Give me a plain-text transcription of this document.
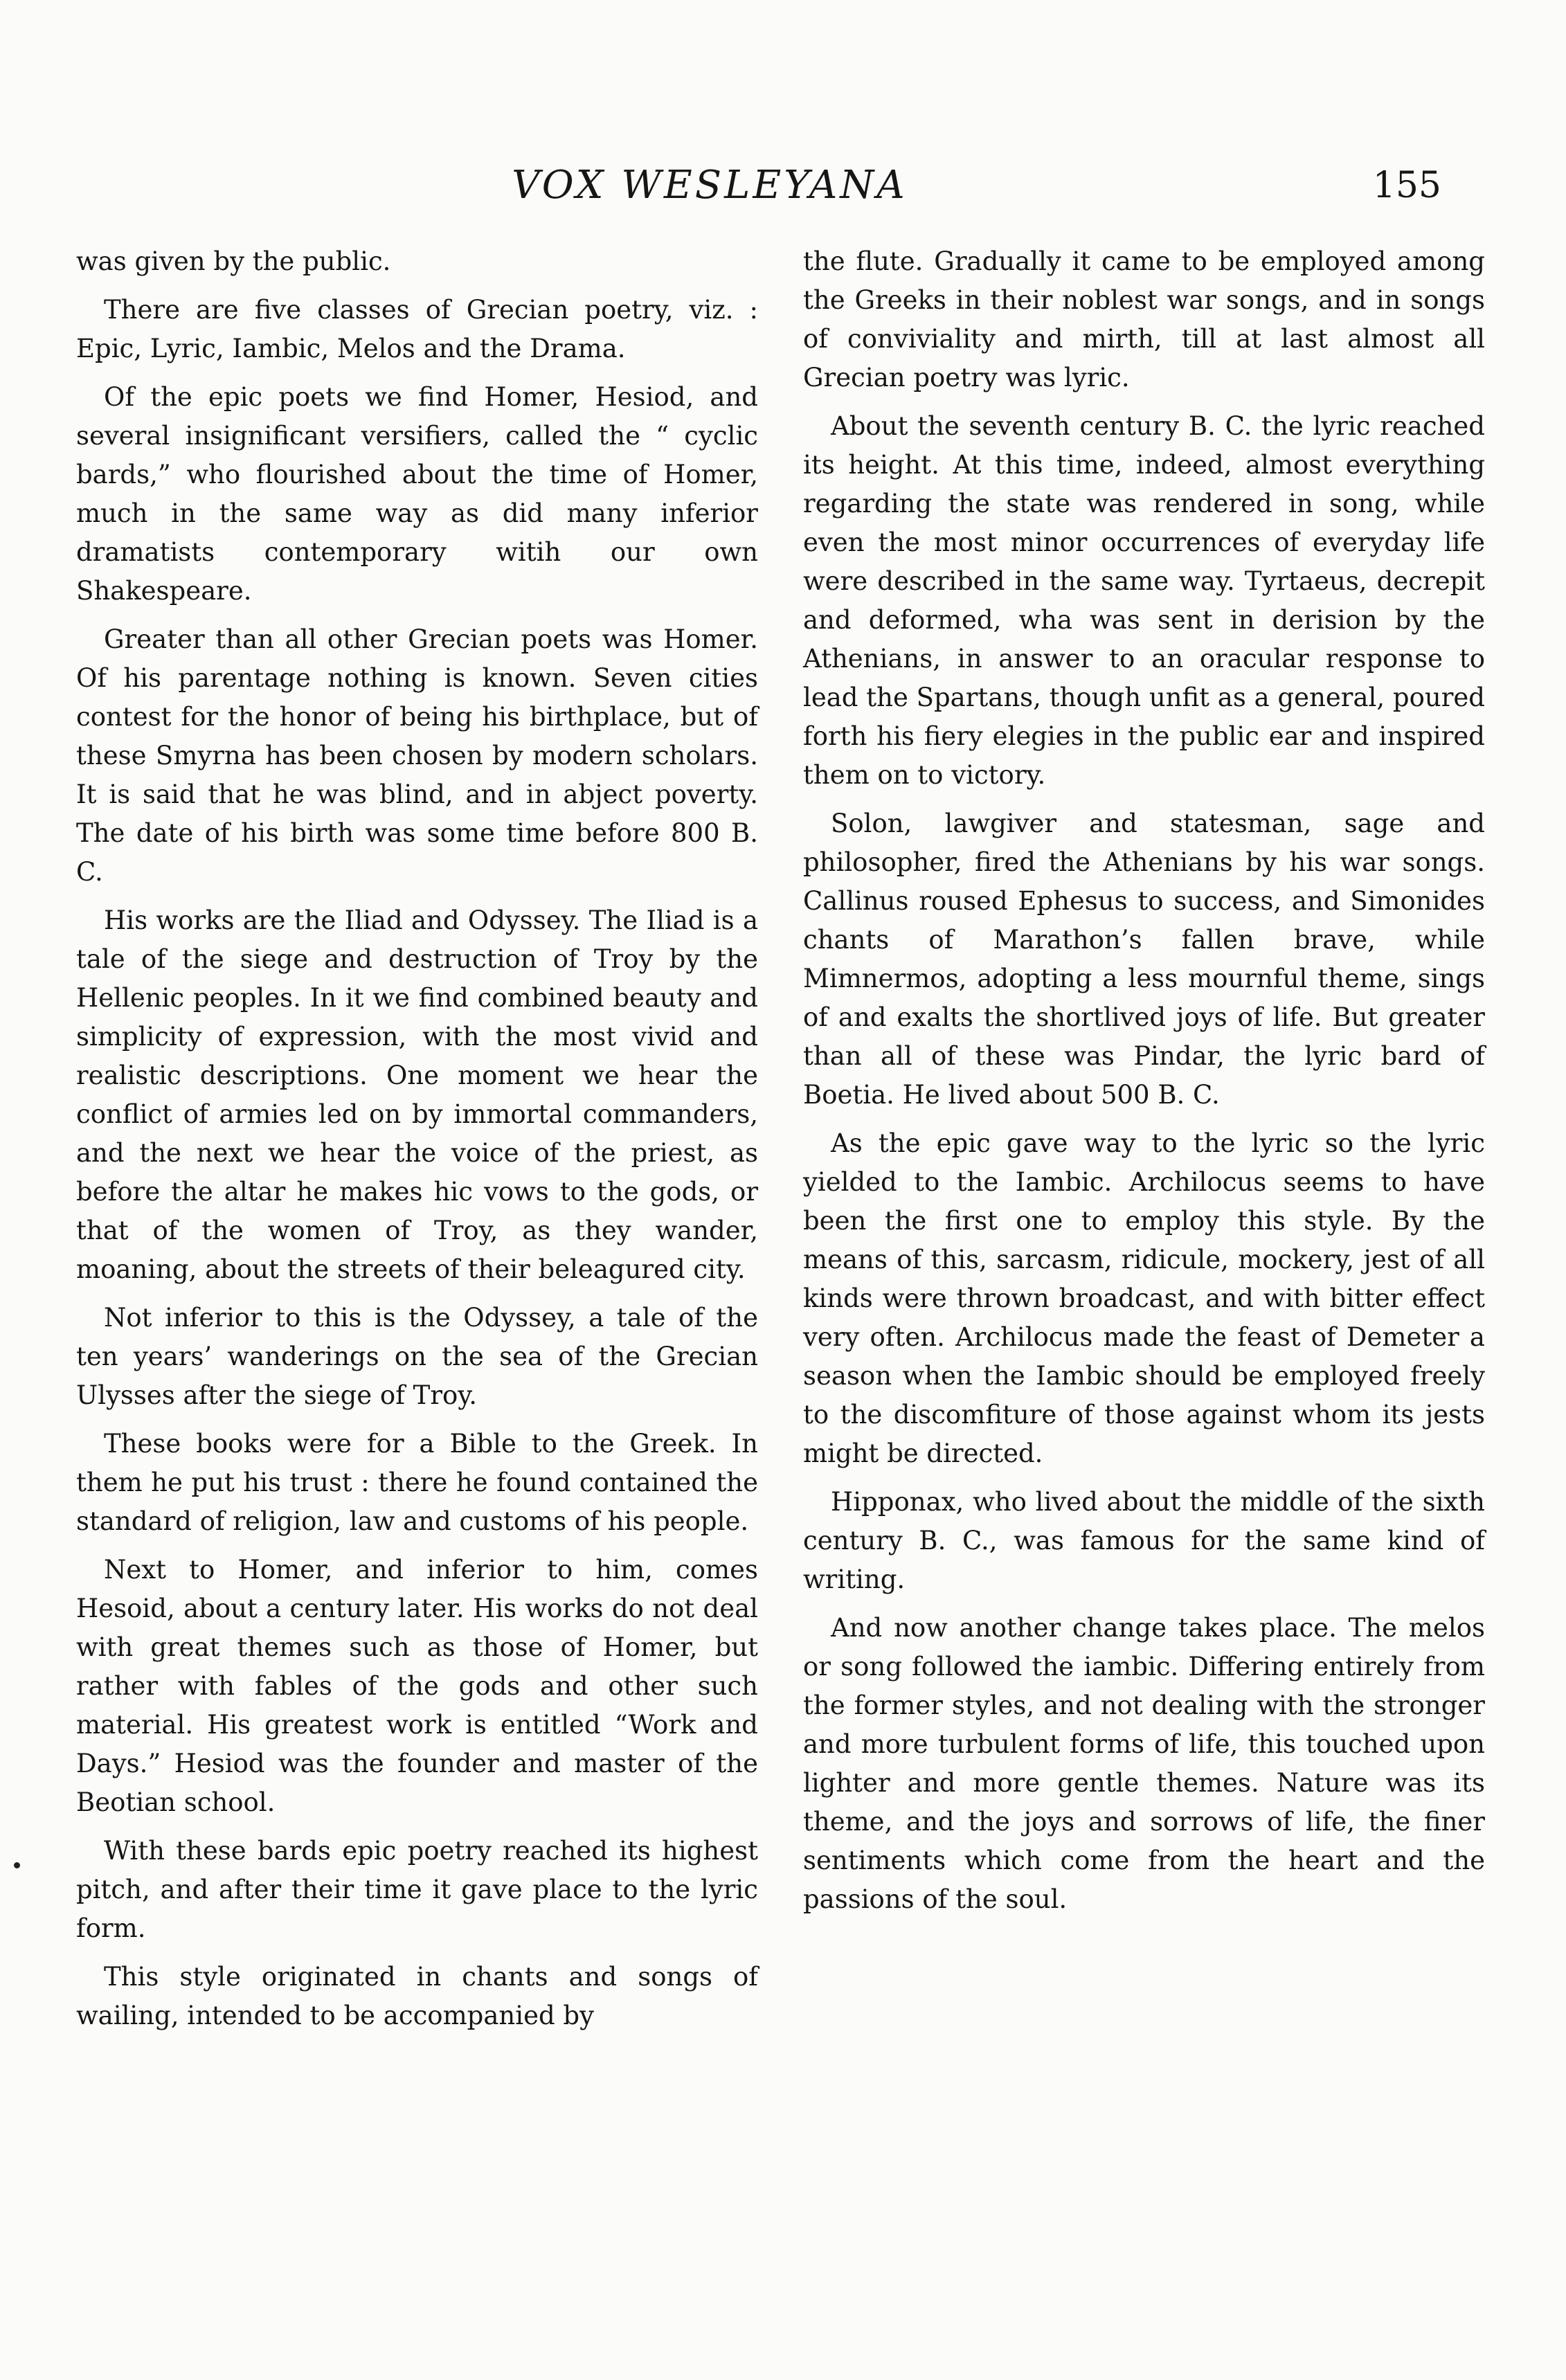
VOX WESLEYANA	155

was given by the public.

There are five classes of Grecian poetry, viz. : Epic, Lyric, Iambic, Melos and the Drama.

Of the epic poets we find Homer, Hesiod, and several insignificant versifiers, called the “ cyclic bards,” who flourished about the time of Homer, much in the same way as did many inferior dramatists contemporary witih our own Shakespeare.

Greater than all other Grecian poets was Homer. Of his parentage nothing is known. Seven cities contest for the honor of being his birthplace, but of these Smyrna has been chosen by modern scholars. It is said that he was blind, and in abject poverty. The date of his birth was some time before 800 B. C.

His works are the Iliad and Odyssey. The Iliad is a tale of the siege and destruction of Troy by the Hellenic peoples. In it we find combined beauty and simplicity of expression, with the most vivid and realistic descriptions. One moment we hear the conflict of armies led on by immortal commanders, and the next we hear the voice of the priest, as before the altar he makes hic vows to the gods, or that of the women of Troy, as they wander, moaning, about the streets of their beleagured city.

Not inferior to this is the Odyssey, a tale of the ten years’ wanderings on the sea of the Grecian Ulysses after the siege of Troy.

These books were for a Bible to the Greek. In them he put his trust : there he found contained the standard of religion, law and customs of his people.

Next to Homer, and inferior to him, comes Hesoid, about a century later. His works do not deal with great themes such as those of Homer, but rather with fables of the gods and other such material. His greatest work is entitled “Work and Days.” Hesiod was the founder and master of the Beotian school.

With these bards epic poetry reached its highest pitch, and after their time it gave place to the lyric form.

This style originated in chants and songs of wailing, intended to be accompanied by

the flute. Gradually it came to be employed among the Greeks in their noblest war songs, and in songs of conviviality and mirth, till at last almost all Grecian poetry was lyric.

About the seventh century B. C. the lyric reached its height. At this time, indeed, almost everything regarding the state was rendered in song, while even the most minor occurrences of everyday life were described in the same way. Tyrtaeus, decrepit and deformed, wha was sent in derision by the Athenians, in answer to an oracular response to lead the Spartans, though unfit as a general, poured forth his fiery elegies in the public ear and inspired them on to victory.

Solon, lawgiver and statesman, sage and philosopher, fired the Athenians by his war songs. Callinus roused Ephesus to success, and Simonides chants of Marathon’s fallen brave, while Mimnermos, adopting a less mournful theme, sings of and exalts the shortlived joys of life. But greater than all of these was Pindar, the lyric bard of Boetia. He lived about 500 B. C.

As the epic gave way to the lyric so the lyric yielded to the Iambic. Archilocus seems to have been the first one to employ this style. By the means of this, sarcasm, ridicule, mockery, jest of all kinds were thrown broadcast, and with bitter effect very often. Archilocus made the feast of Demeter a season when the Iambic should be employed freely to the discomfiture of those against whom its jests might be directed.

Hipponax, who lived about the middle of the sixth century B. C., was famous for the same kind of writing.

And now another change takes place. The melos or song followed the iambic. Differing entirely from the former styles, and not dealing with the stronger and more turbulent forms of life, this touched upon lighter and more gentle themes. Nature was its theme, and the joys and sorrows of life, the finer sentiments which come from the heart and the passions of the soul.
